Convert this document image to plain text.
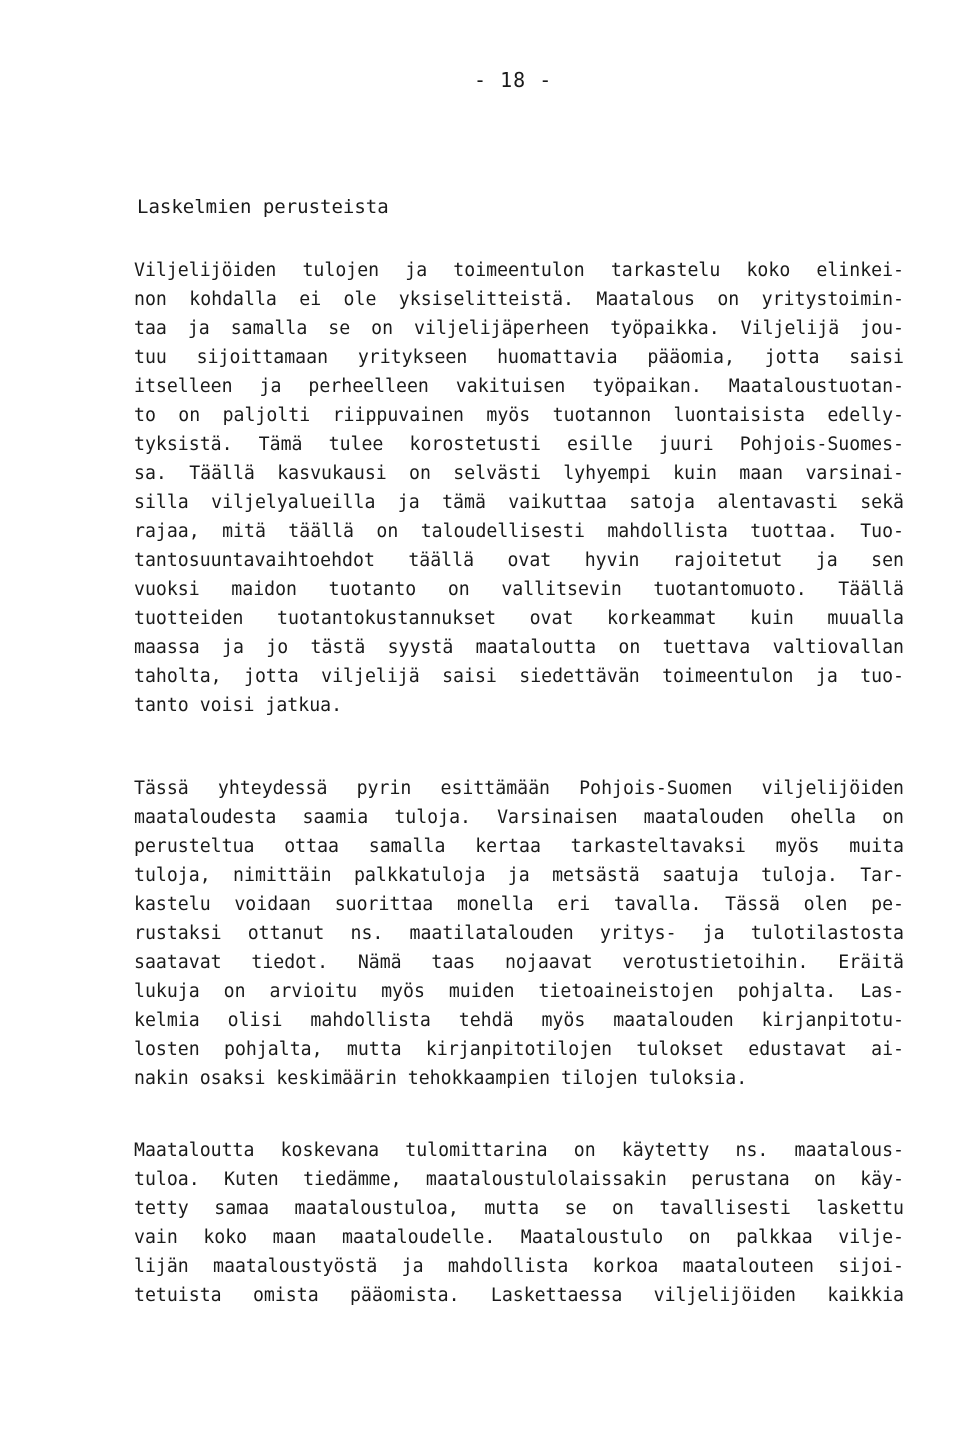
- 18 -
Laskelmien perusteista
Viljelijöiden tulojen ja toimeentulon tarkastelu koko elinkei-
non kohdalla ei ole yksiselitteistä. Maatalous on yritystoimin-
taa ja samalla se on viljelijäperheen työpaikka. Viljelijä jou-
tuu sijoittamaan yritykseen huomattavia pääomia, jotta saisi
itselleen ja perheelleen vakituisen työpaikan. Maataloustuotan-
to on paljolti riippuvainen myös tuotannon luontaisista edelly-
tyksistä. Tämä tulee korostetusti esille juuri Pohjois-Suomes-
sa. Täällä kasvukausi on selvästi lyhyempi kuin maan varsinai-
silla viljelyalueilla ja tämä vaikuttaa satoja alentavasti sekä
rajaa, mitä täällä on taloudellisesti mahdollista tuottaa. Tuo-
tantosuuntavaihtoehdot täällä ovat hyvin rajoitetut ja sen
vuoksi maidon tuotanto on vallitsevin tuotantomuoto. Täällä
tuotteiden tuotantokustannukset ovat korkeammat kuin muualla
maassa ja jo tästä syystä maataloutta on tuettava valtiovallan
taholta, jotta viljelijä saisi siedettävän toimeentulon ja tuo-
tanto voisi jatkua.
Tässä yhteydessä pyrin esittämään Pohjois-Suomen viljelijöiden
maataloudesta saamia tuloja. Varsinaisen maatalouden ohella on
perusteltua ottaa samalla kertaa tarkasteltavaksi myös muita
tuloja, nimittäin palkkatuloja ja metsästä saatuja tuloja. Tar-
kastelu voidaan suorittaa monella eri tavalla. Tässä olen pe-
rustaksi ottanut ns. maatilatalouden yritys- ja tulotilastosta
saatavat tiedot. Nämä taas nojaavat verotustietoihin. Eräitä
lukuja on arvioitu myös muiden tietoaineistojen pohjalta. Las-
kelmia olisi mahdollista tehdä myös maatalouden kirjanpitotu-
losten pohjalta, mutta kirjanpitotilojen tulokset edustavat ai-
nakin osaksi keskimäärin tehokkaampien tilojen tuloksia.
Maataloutta koskevana tulomittarina on käytetty ns. maatalous-
tuloa. Kuten tiedämme, maataloustulolaissakin perustana on käy-
tetty samaa maataloustuloa, mutta se on tavallisesti laskettu
vain koko maan maataloudelle. Maataloustulo on palkkaa vilje-
lijän maataloustyöstä ja mahdollista korkoa maatalouteen sijoi-
tetuista omista pääomista. Laskettaessa viljelijöiden kaikkia
